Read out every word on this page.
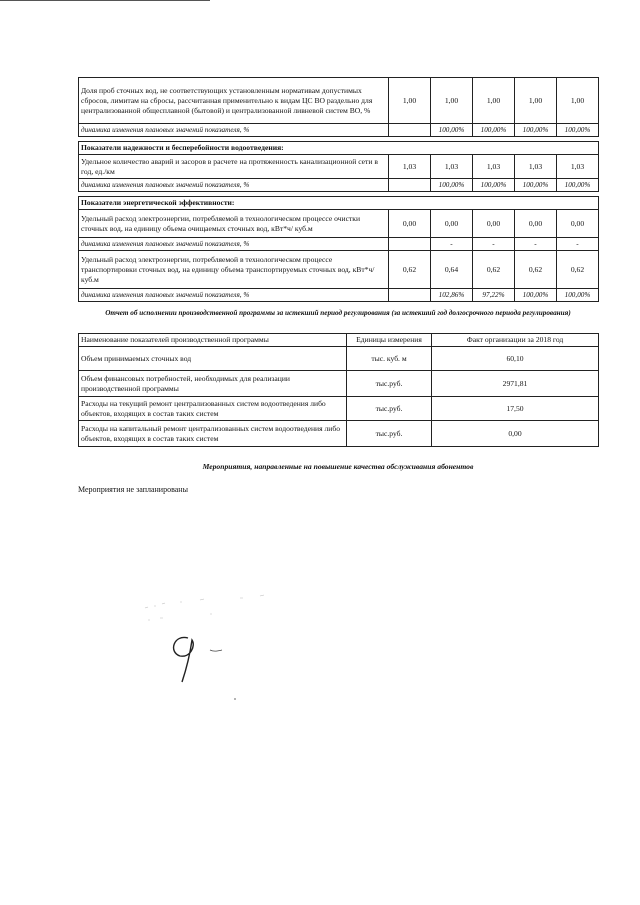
Доля проб сточных вод, не соответствующих установленным нормативам допустимых сбросов, лимитам на сбросы, рассчитанная применительно к видам ЦС ВО раздельно для централизованной общесплавной (бытовой) и централизованной ливневой систем ВО, %	1,00	1,00	1,00	1,00	1,00
динамика изменения плановых значений показателя, %		100,00%	100,00%	100,00%	100,00%

Показатели надежности и бесперебойности водоотведения:					
Удельное количество аварий и засоров в расчете на протяженность канализационной сети в год, ед./км	1,03	1,03	1,03	1,03	1,03
динамика изменения плановых значений показателя, %		100,00%	100,00%	100,00%	100,00%

Показатели энергетической эффективности:					
Удельный расход электроэнергии, потребляемой в технологическом процессе очистки сточных вод, на единицу объема очищаемых сточных вод, кВт*ч/ куб.м	0,00	0,00	0,00	0,00	0,00
динамика изменения плановых значений показателя, %		-	-	-	-
Удельный расход электроэнергии, потребляемой в технологическом процессе транспортировки сточных вод, на единицу объема транспортируемых сточных вод, кВт*ч/ куб.м	0,62	0,64	0,62	0,62	0,62
динамика изменения плановых значений показателя, %		102,86%	97,22%	100,00%	100,00%
Отчет об исполнении производственной программы за истекший период регулирования (за истекший год долгосрочного периода регулирования)
Наименование показателей производственной программы	Единицы измерения	Факт организации за 2018 год
Объем принимаемых сточных вод	тыс. куб. м	60,10
Объем финансовых потребностей, необходимых для реализации производственной программы	тыс.руб.	2971,81
Расходы на текущий ремонт централизованных систем водоотведения либо объектов, входящих в состав таких систем	тыс.руб.	17,50
Расходы на капитальный ремонт централизованных систем водоотведения либо объектов, входящих в состав таких систем	тыс.руб.	0,00
Мероприятия, направленные на повышение качества обслуживания абонентов
Мероприятия не запланированы
